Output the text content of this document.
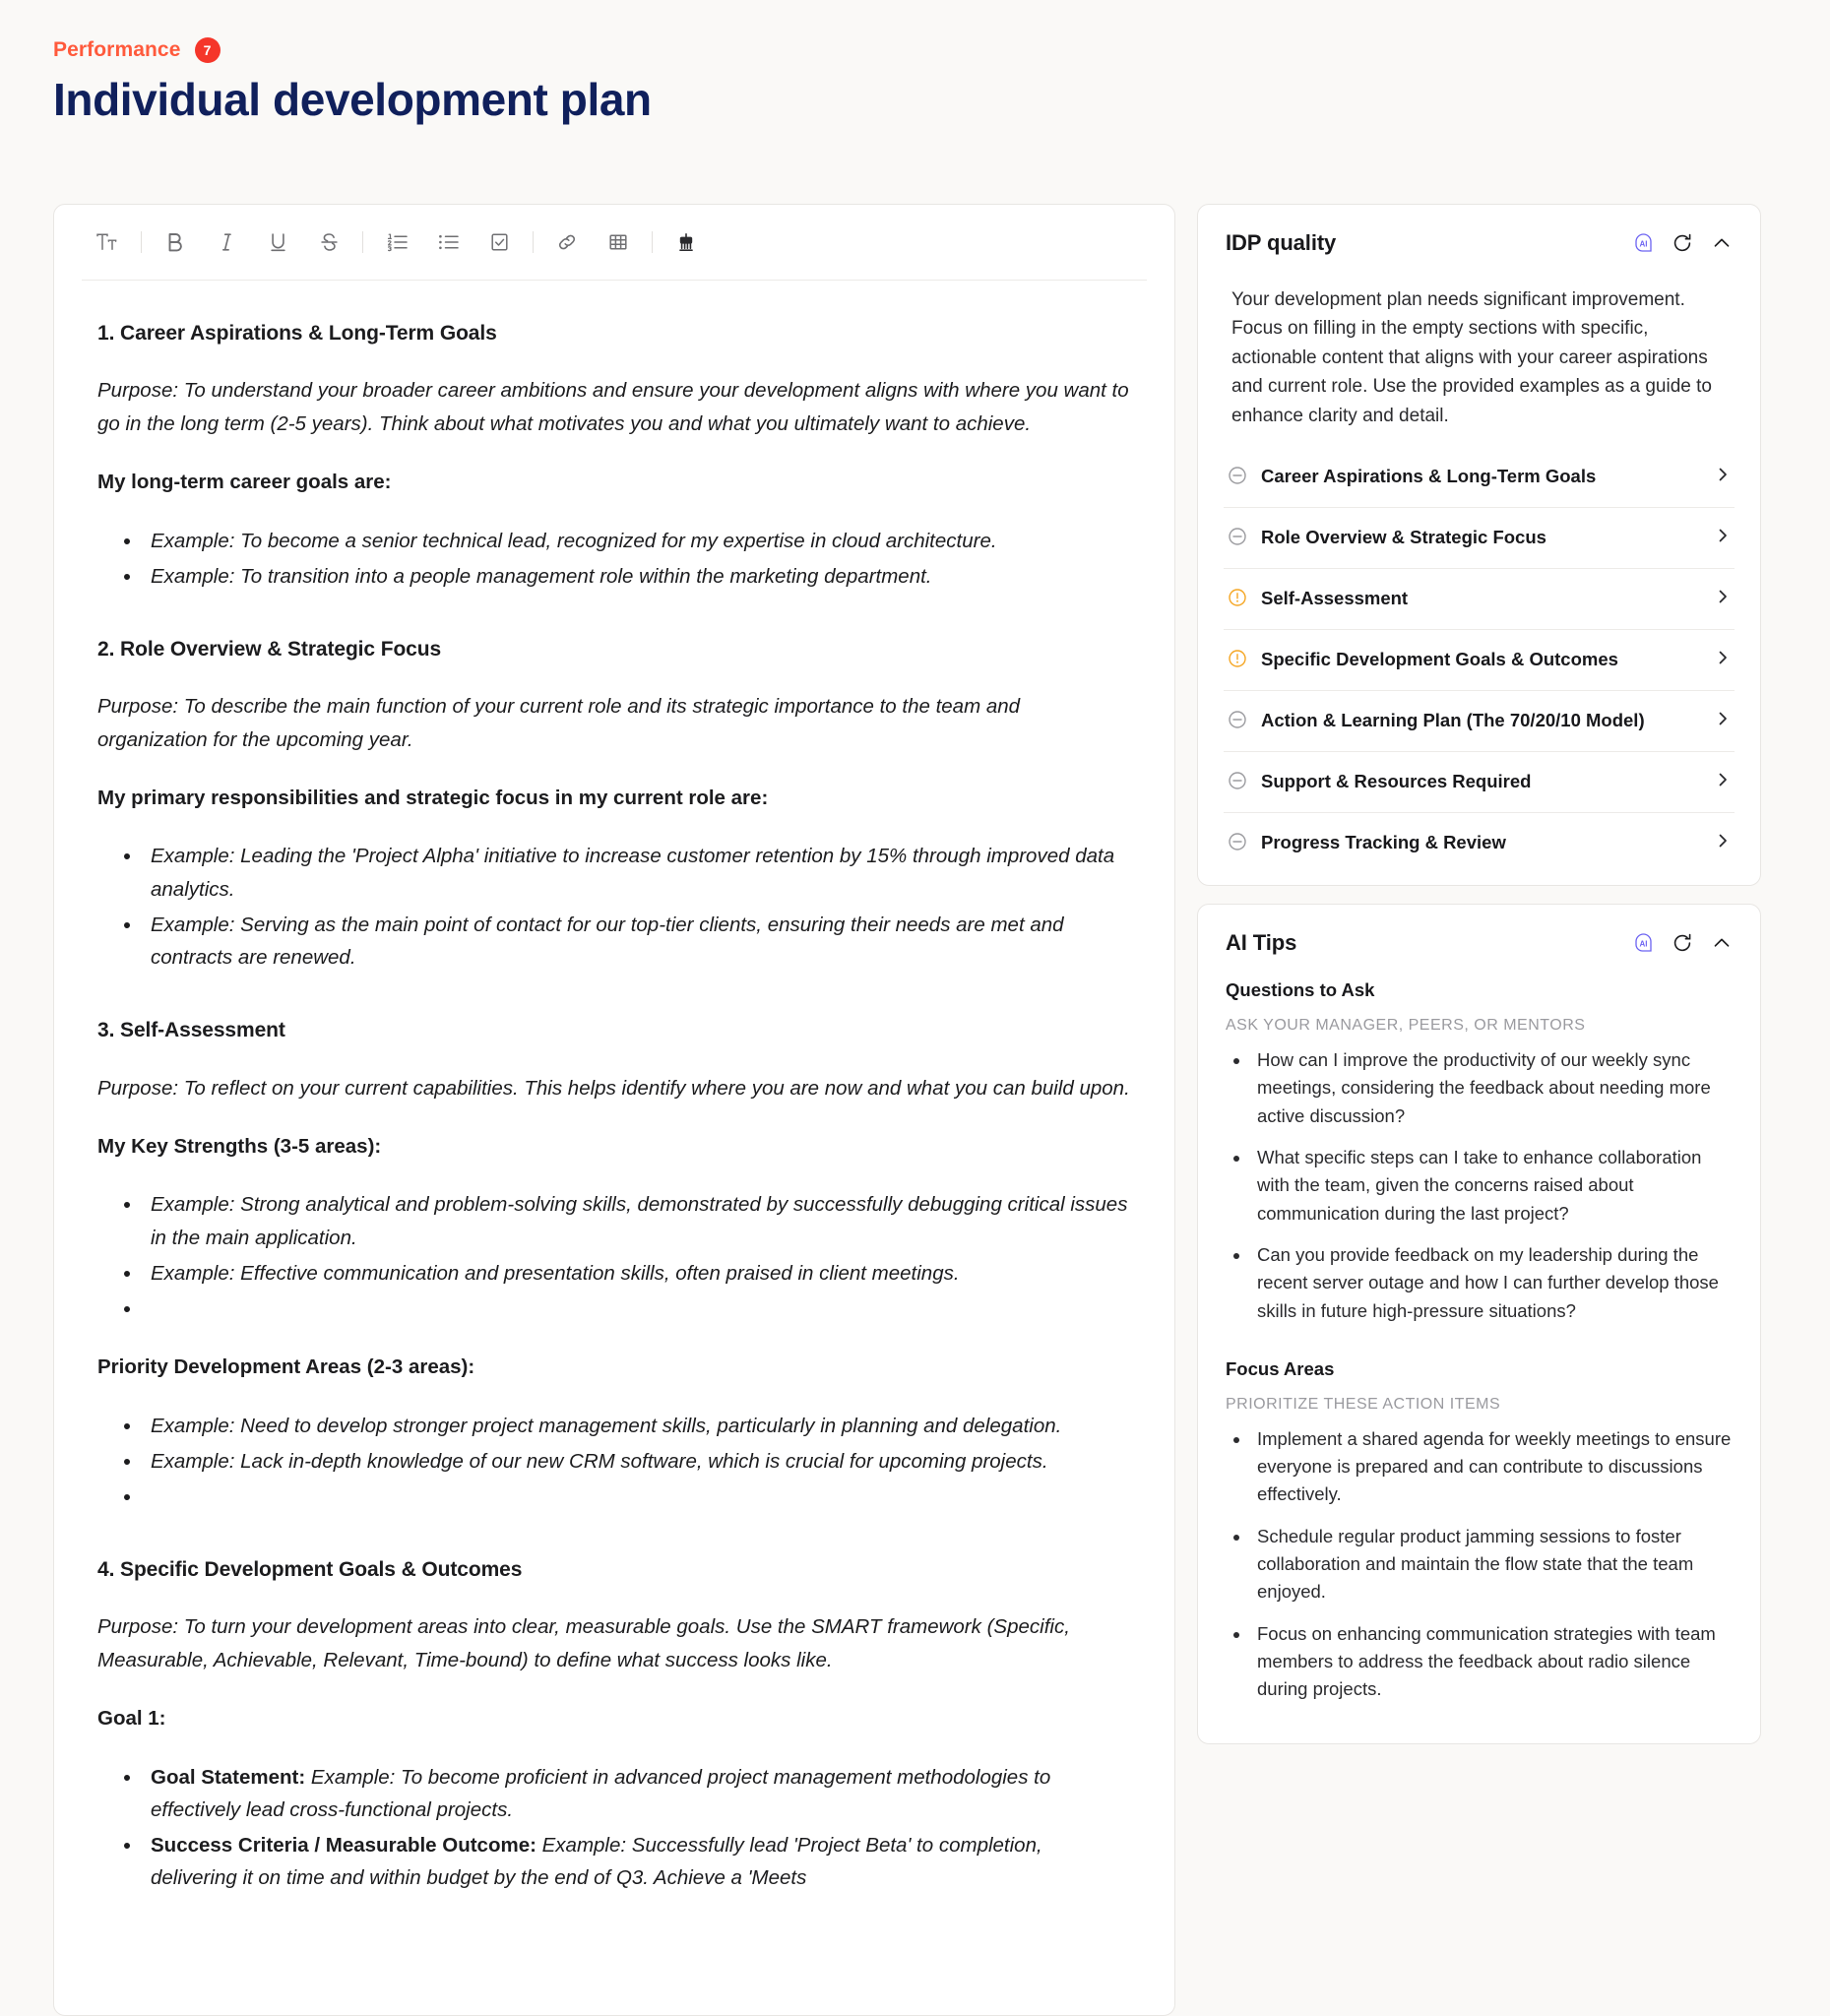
Performance	7
Individual development plan
1. Career Aspirations & Long-Term Goals

Purpose: To understand your broader career ambitions and ensure your development aligns with where you want to go in the long term (2-5 years). Think about what motivates you and what you ultimately want to achieve.

My long-term career goals are:

• Example: To become a senior technical lead, recognized for my expertise in cloud architecture.
• Example: To transition into a people management role within the marketing department.
2. Role Overview & Strategic Focus

Purpose: To describe the main function of your current role and its strategic importance to the team and organization for the upcoming year.

My primary responsibilities and strategic focus in my current role are:

• Example: Leading the 'Project Alpha' initiative to increase customer retention by 15% through improved data analytics.
• Example: Serving as the main point of contact for our top-tier clients, ensuring their needs are met and contracts are renewed.
3. Self-Assessment

Purpose: To reflect on your current capabilities. This helps identify where you are now and what you can build upon.

My Key Strengths (3-5 areas):

• Example: Strong analytical and problem-solving skills, demonstrated by successfully debugging critical issues in the main application.
• Example: Effective communication and presentation skills, often praised in client meetings.
•

Priority Development Areas (2-3 areas):

• Example: Need to develop stronger project management skills, particularly in planning and delegation.
• Example: Lack in-depth knowledge of our new CRM software, which is crucial for upcoming projects.
•
4. Specific Development Goals & Outcomes

Purpose: To turn your development areas into clear, measurable goals. Use the SMART framework (Specific, Measurable, Achievable, Relevant, Time-bound) to define what success looks like.

Goal 1:

• Goal Statement: Example: To become proficient in advanced project management methodologies to effectively lead cross-functional projects.
• Success Criteria / Measurable Outcome: Example: Successfully lead 'Project Beta' to completion, delivering it on time and within budget by the end of Q3. Achieve a 'Meets
IDP quality	AI
Your development plan needs significant improvement. Focus on filling in the empty sections with specific, actionable content that aligns with your career aspirations and current role. Use the provided examples as a guide to enhance clarity and detail.
Career Aspirations & Long-Term Goals
Role Overview & Strategic Focus
Self-Assessment
Specific Development Goals & Outcomes
Action & Learning Plan (The 70/20/10 Model)
Support & Resources Required
Progress Tracking & Review
AI Tips	AI
Questions to Ask
ASK YOUR MANAGER, PEERS, OR MENTORS
• How can I improve the productivity of our weekly sync meetings, considering the feedback about needing more active discussion?
• What specific steps can I take to enhance collaboration with the team, given the concerns raised about communication during the last project?
• Can you provide feedback on my leadership during the recent server outage and how I can further develop those skills in future high-pressure situations?
Focus Areas
PRIORITIZE THESE ACTION ITEMS
• Implement a shared agenda for weekly meetings to ensure everyone is prepared and can contribute to discussions effectively.
• Schedule regular product jamming sessions to foster collaboration and maintain the flow state that the team enjoyed.
• Focus on enhancing communication strategies with team members to address the feedback about radio silence during projects.
